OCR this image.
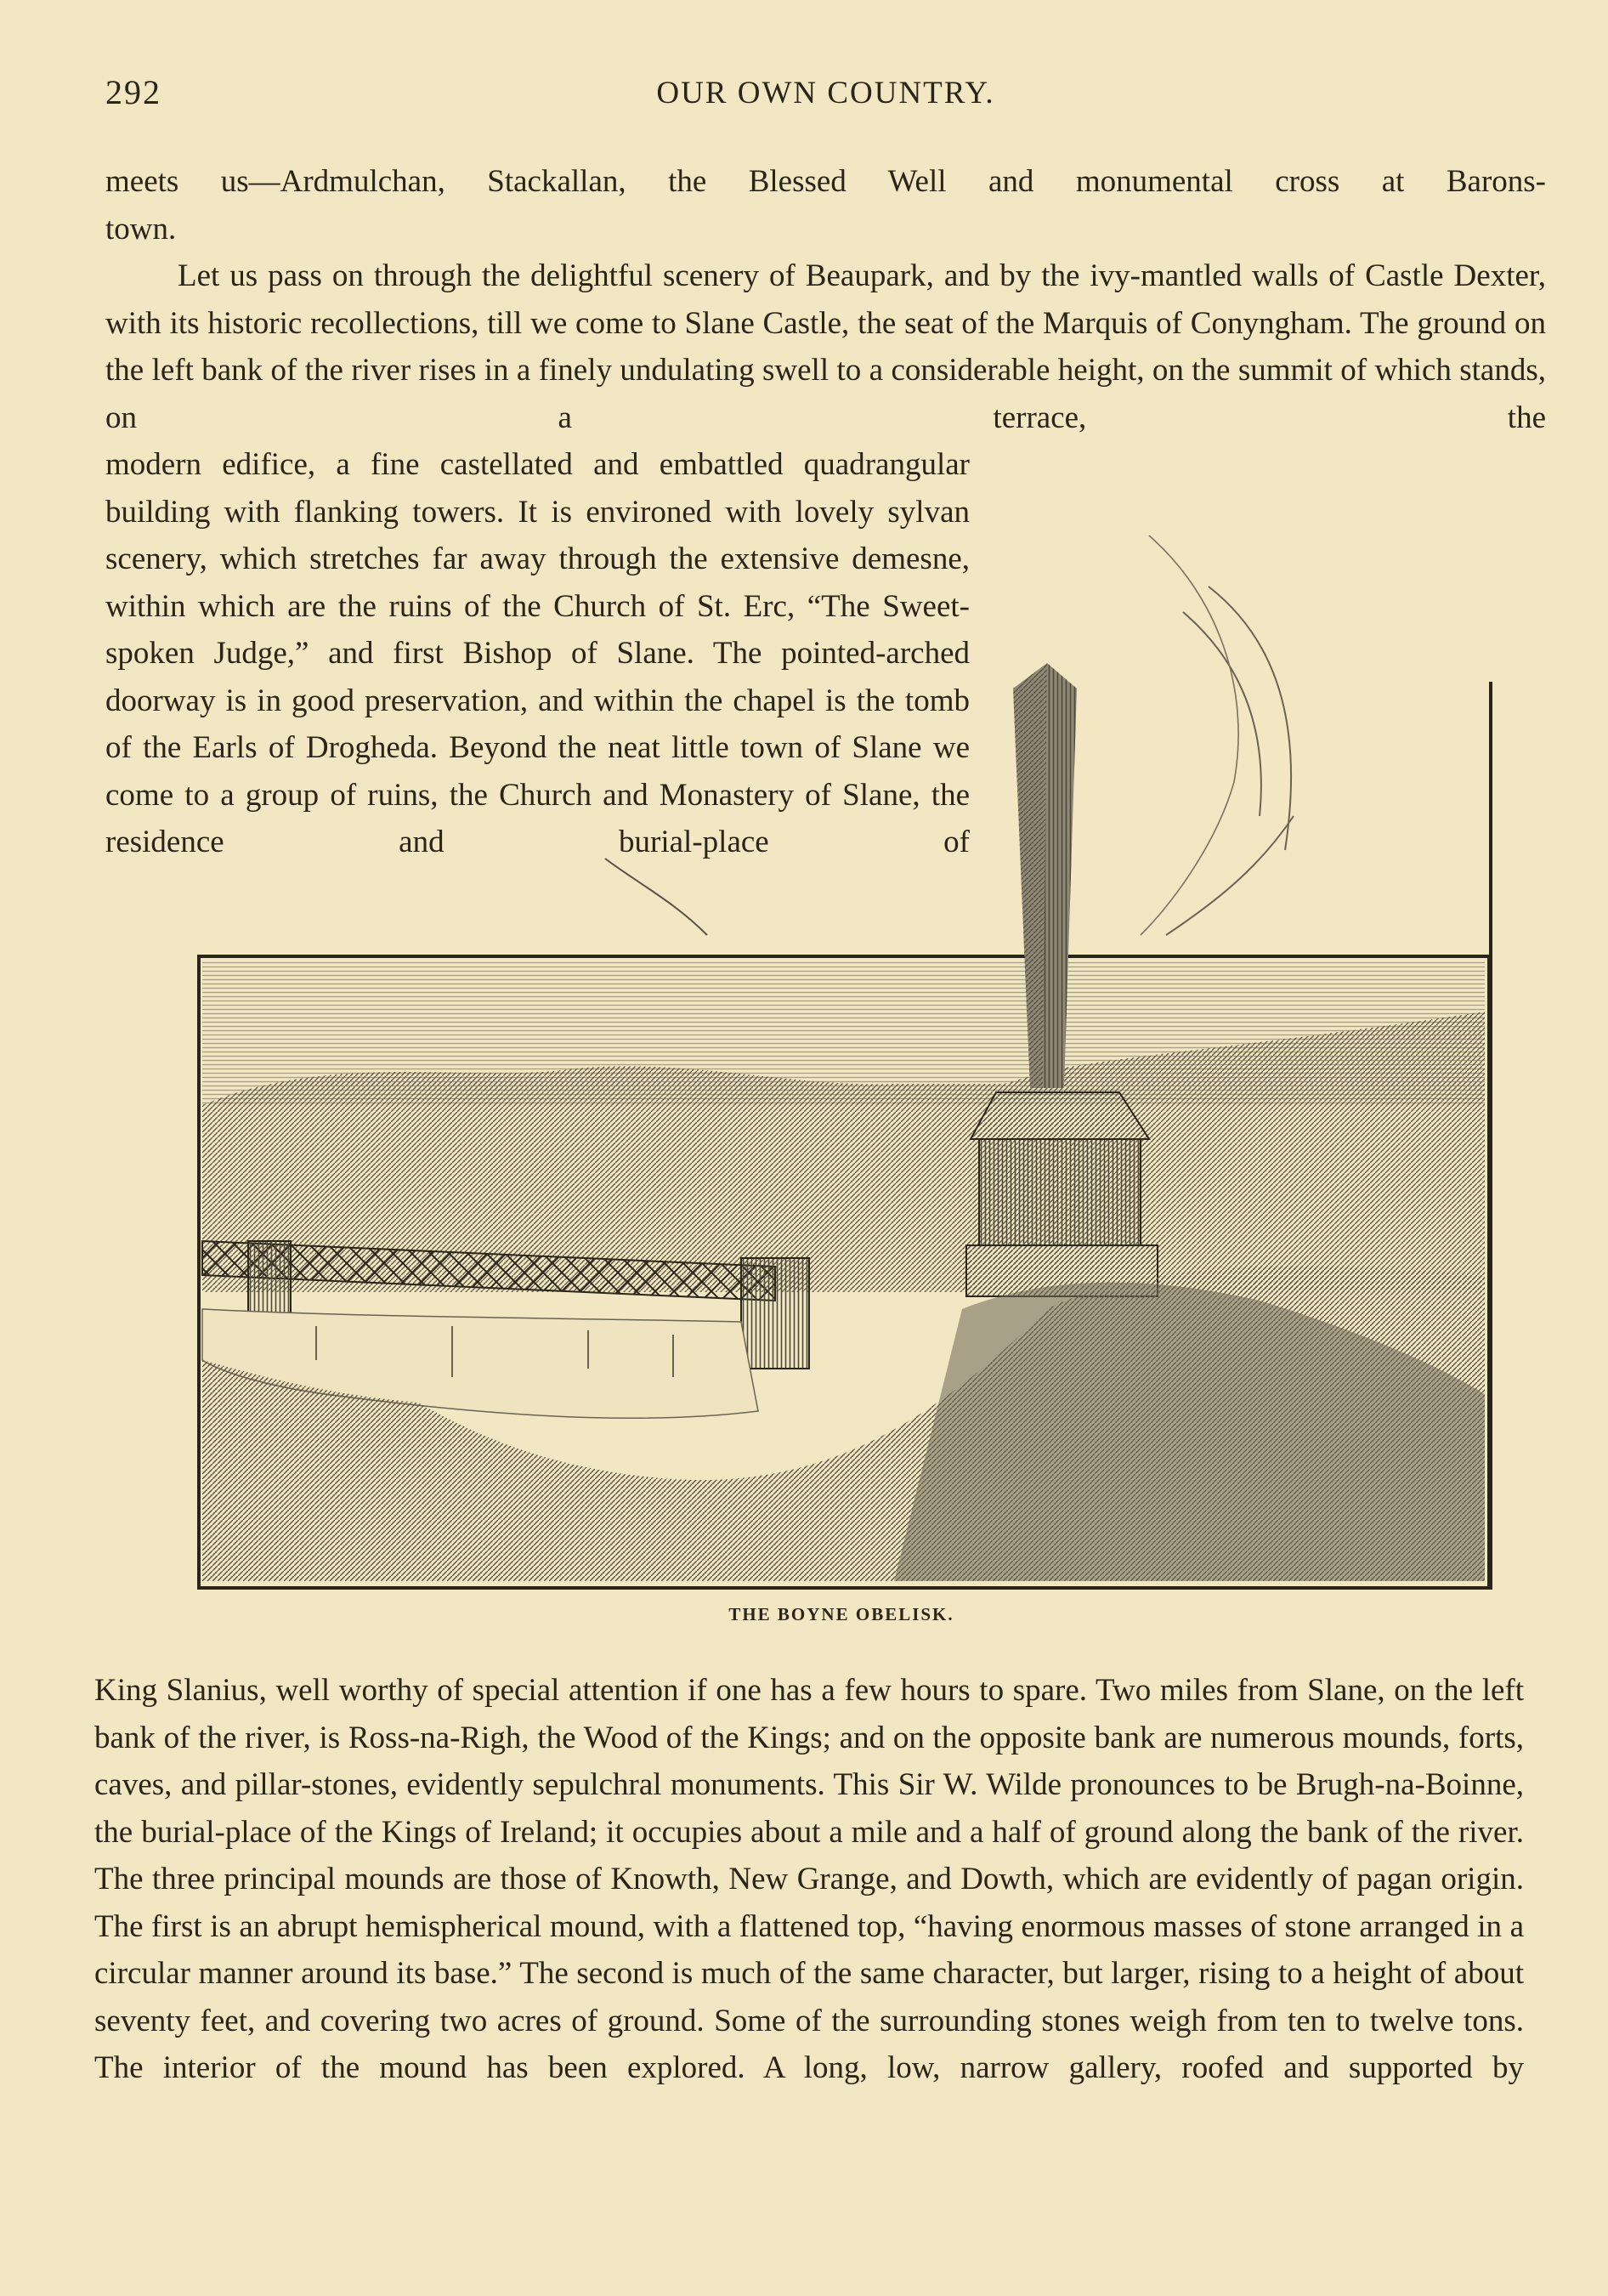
292	OUR OWN COUNTRY.

meets us—Ardmulchan, Stackallan, the Blessed Well and monumental cross at Barons-
town.

Let us pass on through the delightful scenery of Beaupark, and by the ivy-mantled walls of Castle Dexter, with its historic recollections, till we come to Slane Castle, the seat of the Marquis of Conyngham. The ground on the left bank of the river rises in a finely undulating swell to a considerable height, on the summit of which stands, on a terrace, the

modern edifice, a fine castellated and embattled quadrangular building with flanking towers. It is environed with lovely sylvan scenery, which stretches far away through the extensive demesne, within which are the ruins of the Church of St. Erc, “The Sweet-spoken Judge,” and first Bishop of Slane. The pointed-arched doorway is in good preservation, and within the chapel is the tomb of the Earls of Drogheda. Beyond the neat little town of Slane we come to a group of ruins, the Church and Monastery of Slane, the residence and burial-place of

THE BOYNE OBELISK.

King Slanius, well worthy of special attention if one has a few hours to spare. Two miles from Slane, on the left bank of the river, is Ross-na-Righ, the Wood of the Kings; and on the opposite bank are numerous mounds, forts, caves, and pillar-stones, evidently sepulchral monuments. This Sir W. Wilde pronounces to be Brugh-na-Boinne, the burial-place of the Kings of Ireland; it occupies about a mile and a half of ground along the bank of the river. The three principal mounds are those of Knowth, New Grange, and Dowth, which are evidently of pagan origin. The first is an abrupt hemispherical mound, with a flattened top, “having enormous masses of stone arranged in a circular manner around its base.” The second is much of the same character, but larger, rising to a height of about seventy feet, and covering two acres of ground. Some of the surrounding stones weigh from ten to twelve tons. The interior of the mound has been explored. A long, low, narrow gallery, roofed and supported by
